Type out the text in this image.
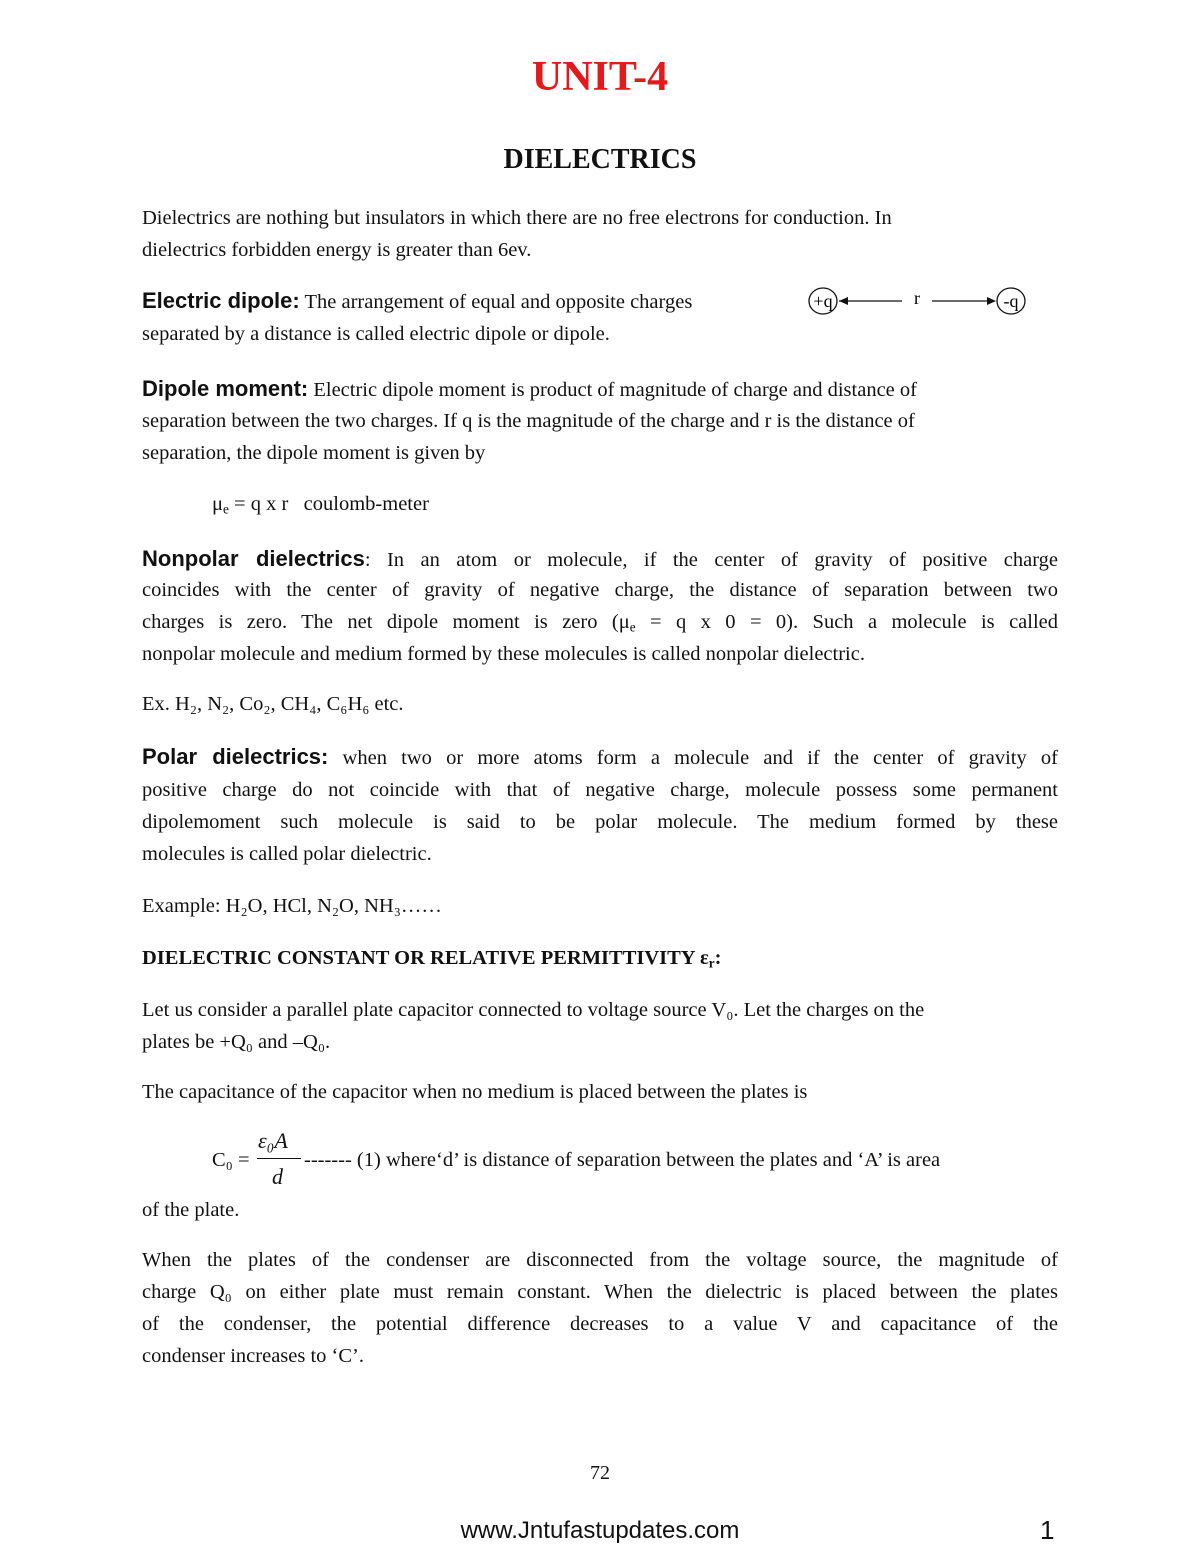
UNIT-4
DIELECTRICS
Dielectrics are nothing but insulators in which there are no free electrons for conduction. In
dielectrics forbidden energy is greater than 6ev.
Electric dipole: The arrangement of equal and opposite charges
separated by a distance is called electric dipole or dipole.
+q	r	-q
Dipole moment: Electric dipole moment is product of magnitude of charge and distance of
separation between the two charges. If q is the magnitude of the charge and r is the distance of
separation, the dipole moment is given by
$\mu_e = q$ x r   coulomb-meter
Nonpolar dielectrics: In an atom or molecule, if the center of gravity of positive charge
coincides with the center of gravity of negative charge, the distance of separation between two
charges is zero. The net dipole moment is zero ($\mu_e = q$ x 0 = 0). Such a molecule is called
nonpolar molecule and medium formed by these molecules is called nonpolar dielectric.
Ex. H₂, N₂, Co₂, CH₄, C₆H₆ etc.
Polar dielectrics: when two or more atoms form a molecule and if the center of gravity of
positive charge do not coincide with that of negative charge, molecule possess some permanent
dipolemoment such molecule is said to be polar molecule. The medium formed by these
molecules is called polar dielectric.
Example: H₂O, HCl, N₂O, NH₃……
DIELECTRIC CONSTANT OR RELATIVE PERMITTIVITY $\varepsilon_r$:
Let us consider a parallel plate capacitor connected to voltage source V₀. Let the charges on the
plates be +Q₀ and –Q₀.
The capacitance of the capacitor when no medium is placed between the plates is
C₀ =
ε₀A
d
------- (1) where‘d’ is distance of separation between the plates and ‘A’ is area
of the plate.
When the plates of the condenser are disconnected from the voltage source, the magnitude of
charge Q₀ on either plate must remain constant. When the dielectric is placed between the plates
of the condenser, the potential difference decreases to a value V and capacitance of the
condenser increases to ‘C’.
72
www.Jntufastupdates.com	1
